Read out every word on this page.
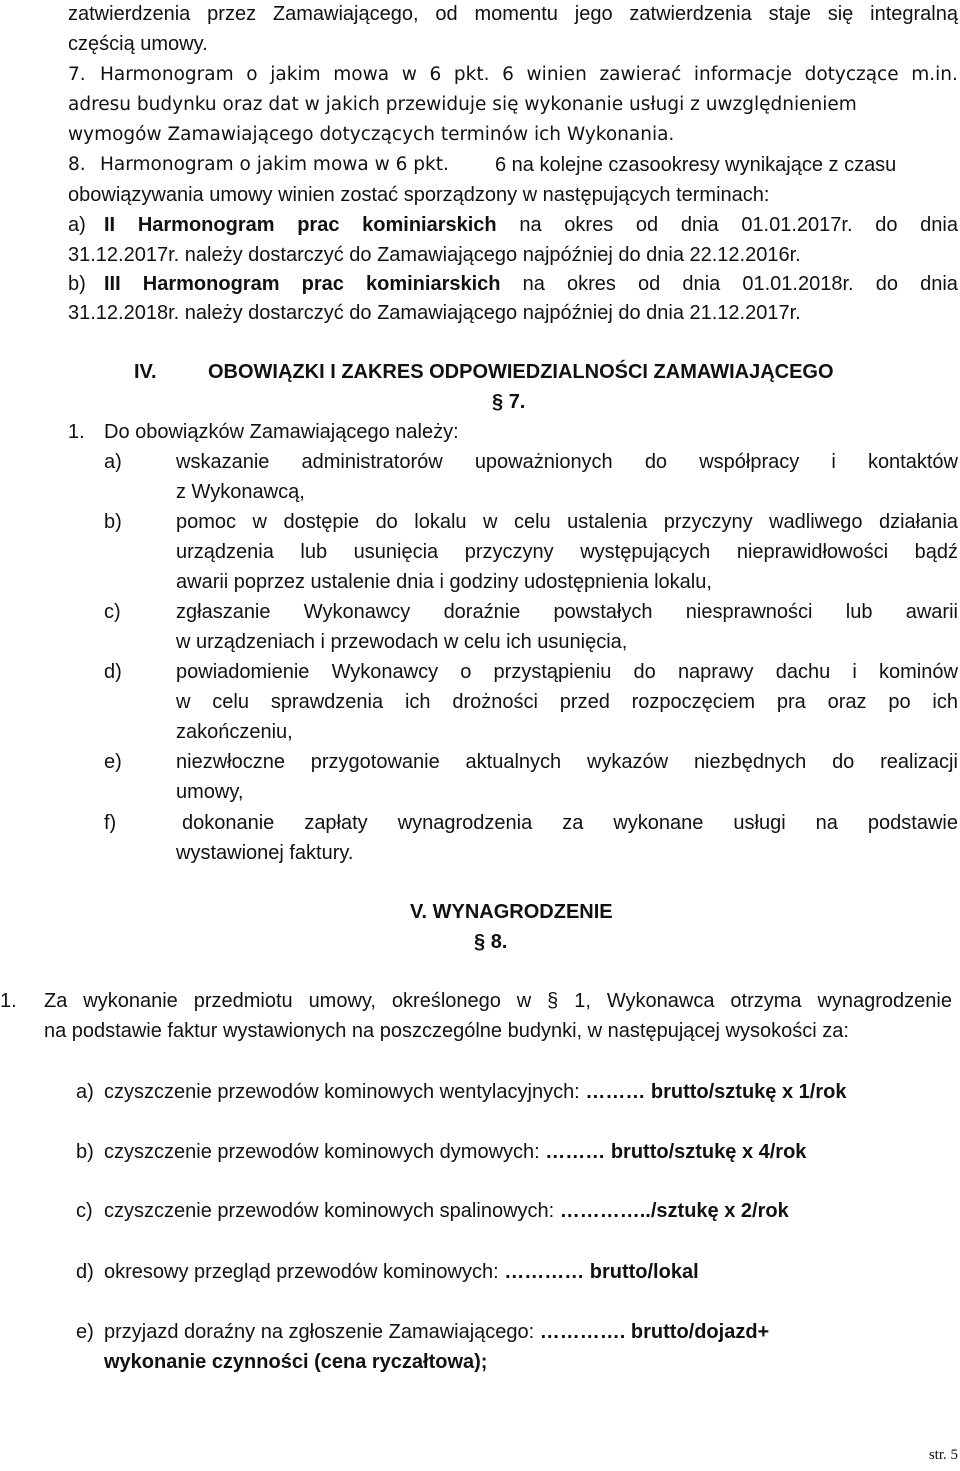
zatwierdzenia przez Zamawiającego, od momentu jego zatwierdzenia staje się integralną
częścią umowy.
7. Harmonogram o jakim mowa w 6 pkt. 6 winien zawierać informacje dotyczące m.in.
adresu budynku oraz dat w jakich przewiduje się wykonanie usługi z uwzględnieniem
wymogów Zamawiającego dotyczących terminów ich Wykonania.
8. Harmonogram o jakim mowa w 6 pkt. 6 na kolejne czasookresy wynikające z czasu
obowiązywania umowy winien zostać sporządzony w następujących terminach:
a) II Harmonogram prac kominiarskich na okres od dnia 01.01.2017r. do dnia
31.12.2017r. należy dostarczyć do Zamawiającego najpóźniej do dnia 22.12.2016r.
b) III Harmonogram prac kominiarskich na okres od dnia 01.01.2018r. do dnia
31.12.2018r. należy dostarczyć do Zamawiającego najpóźniej do dnia 21.12.2017r.
IV.	OBOWIĄZKI I ZAKRES ODPOWIEDZIALNOŚCI ZAMAWIAJĄCEGO
§ 7.
1. Do obowiązków Zamawiającego należy:
a)	wskazanie administratorów upoważnionych do współpracy i kontaktów
z Wykonawcą,
b)	pomoc w dostępie do lokalu w celu ustalenia przyczyny wadliwego działania
urządzenia lub usunięcia przyczyny występujących nieprawidłowości bądź
awarii poprzez ustalenie dnia i godziny udostępnienia lokalu,
c)	zgłaszanie Wykonawcy doraźnie powstałych niesprawności lub awarii
w urządzeniach i przewodach w celu ich usunięcia,
d)	powiadomienie Wykonawcy o przystąpieniu do naprawy dachu i kominów
w celu sprawdzenia ich drożności przed rozpoczęciem pra oraz po ich
zakończeniu,
e)	niezwłoczne przygotowanie aktualnych wykazów niezbędnych do realizacji
umowy,
f)	dokonanie zapłaty wynagrodzenia za wykonane usługi na podstawie
wystawionej faktury.
V. WYNAGRODZENIE
§ 8.
1. Za wykonanie przedmiotu umowy, określonego w § 1, Wykonawca otrzyma wynagrodzenie
na podstawie faktur wystawionych na poszczególne budynki, w następującej wysokości za:
a) czyszczenie przewodów kominowych wentylacyjnych: ……… brutto/sztukę x 1/rok
b) czyszczenie przewodów kominowych dymowych: ……… brutto/sztukę x 4/rok
c) czyszczenie przewodów kominowych spalinowych: …………../sztukę x 2/rok
d) okresowy przegląd przewodów kominowych: ………… brutto/lokal
e) przyjazd doraźny na zgłoszenie Zamawiającego: …………. brutto/dojazd+
wykonanie czynności (cena ryczałtowa);
str. 5
